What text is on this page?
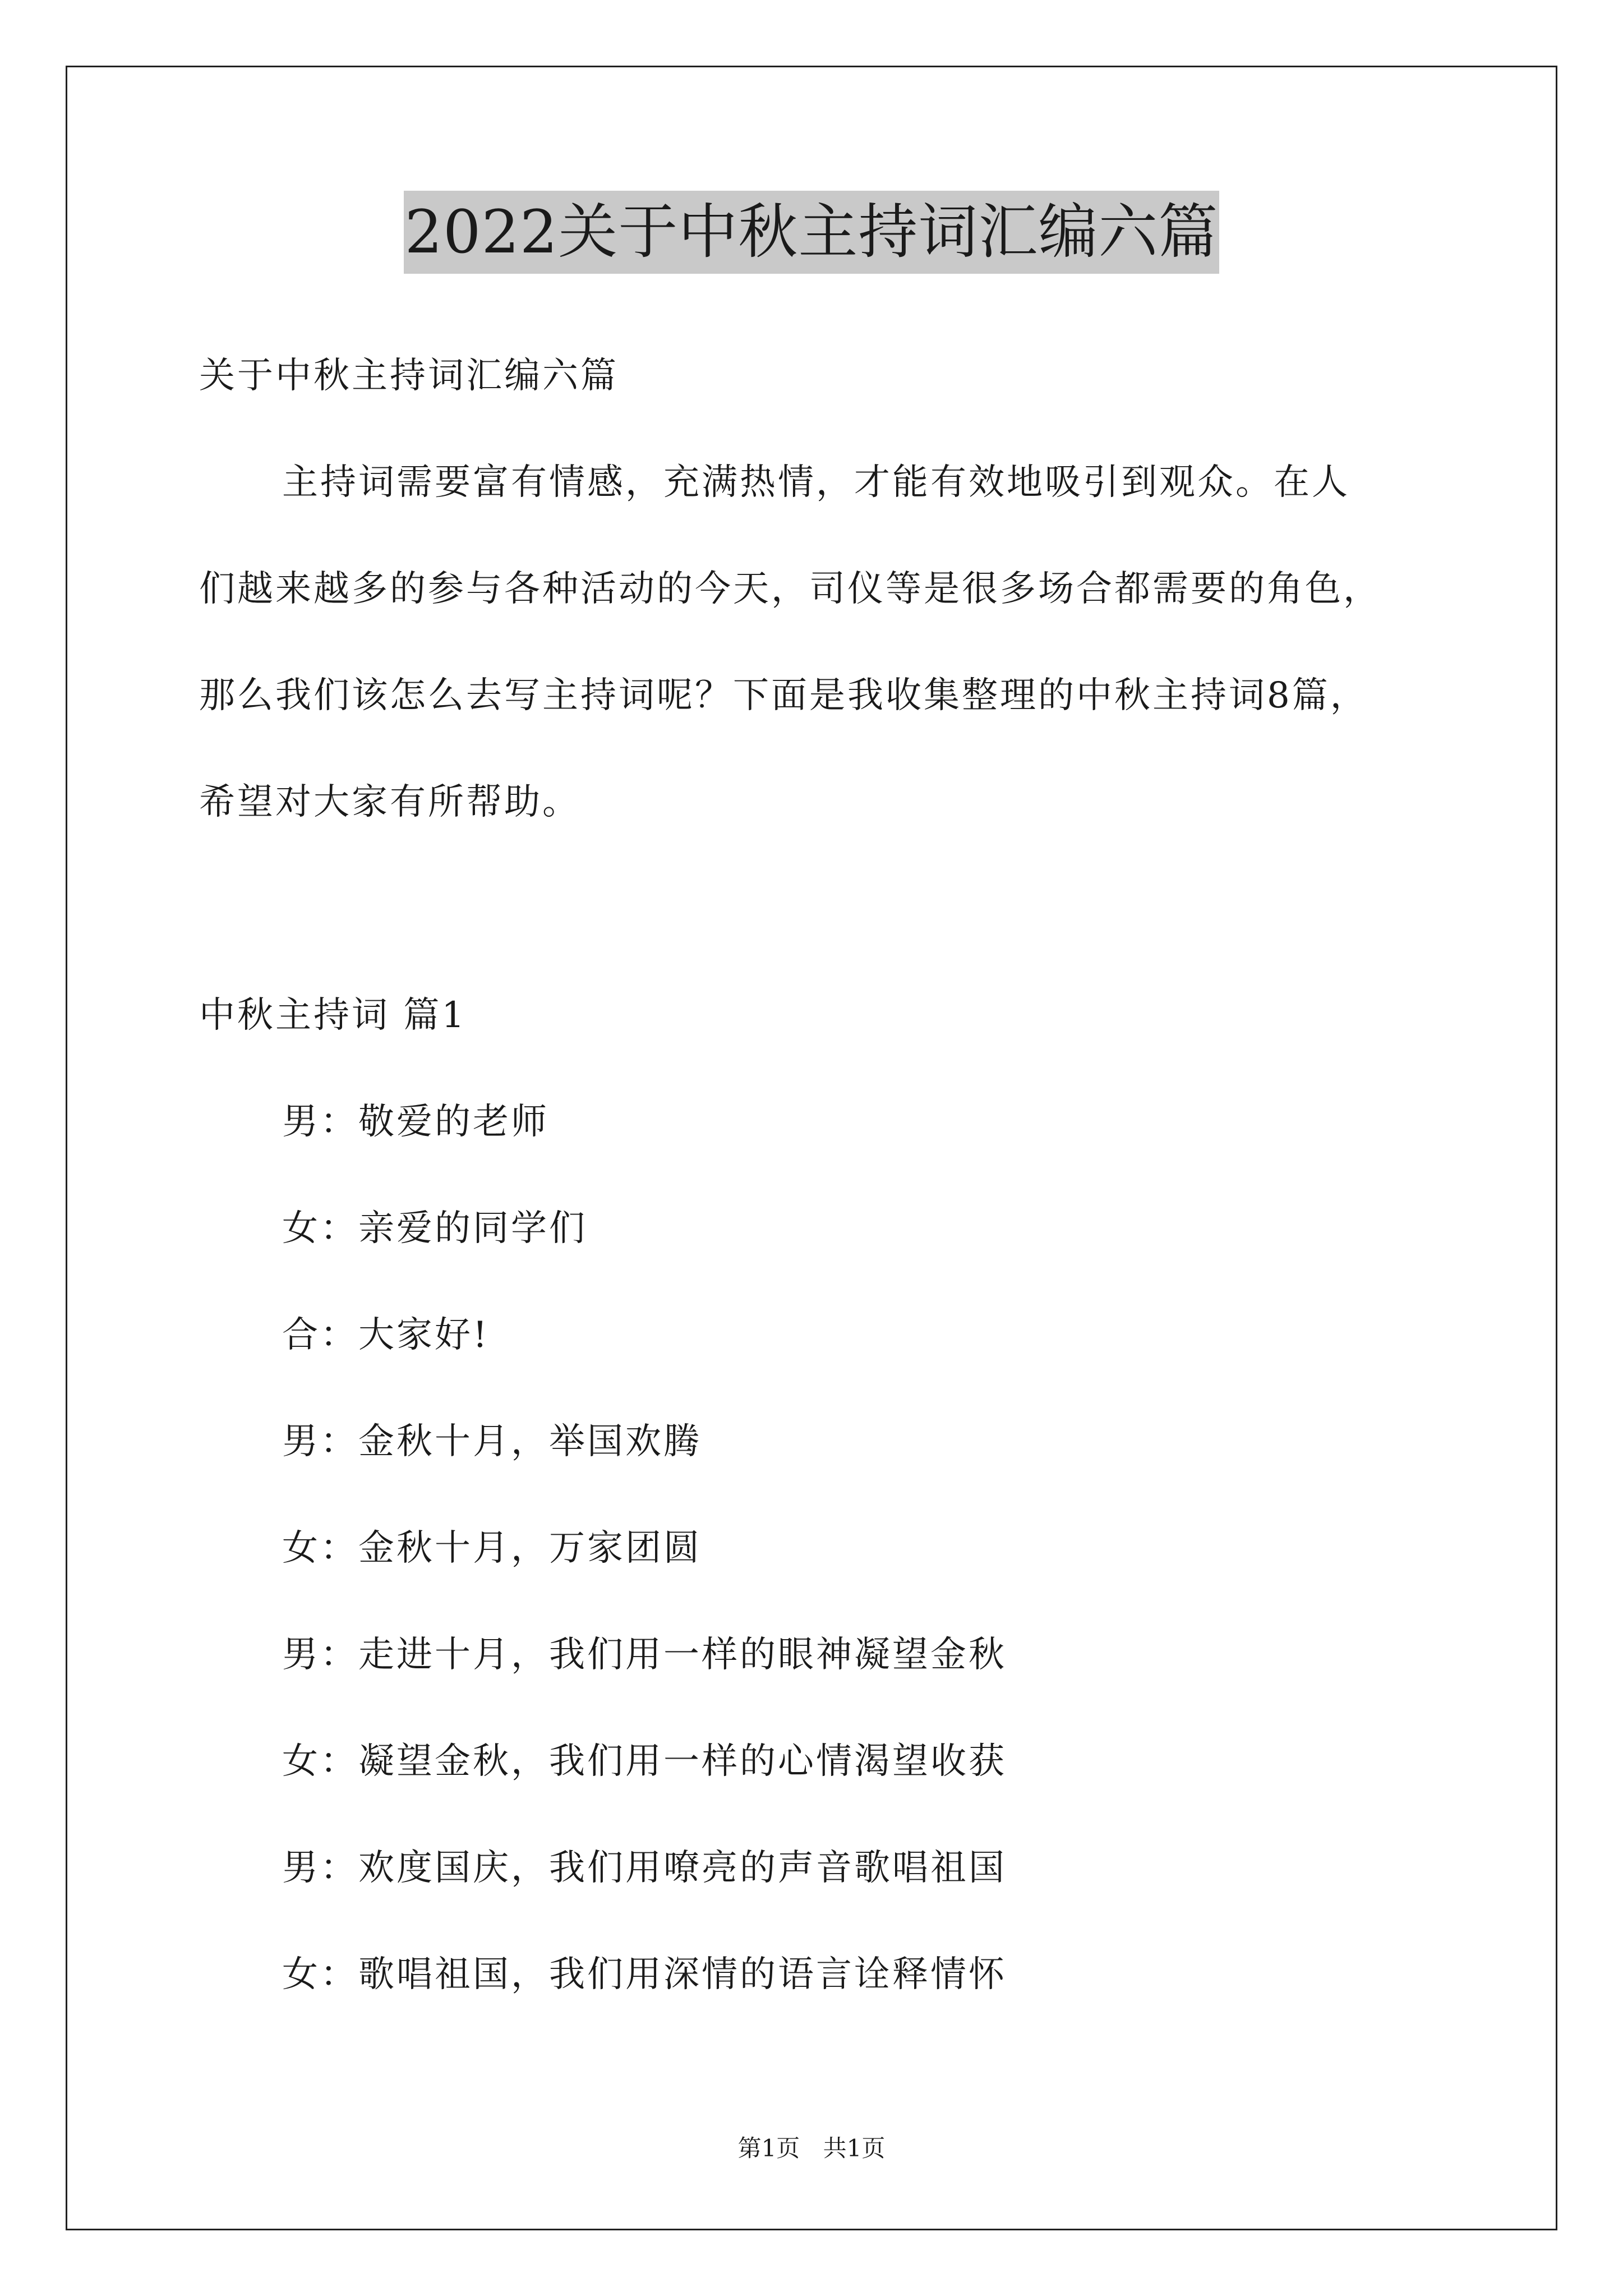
2022关于中秋主持词汇编六篇
关于中秋主持词汇编六篇
主持词需要富有情感，充满热情，才能有效地吸引到观众。在人
们越来越多的参与各种活动的今天，司仪等是很多场合都需要的角色，
那么我们该怎么去写主持词呢？下面是我收集整理的中秋主持词8篇，
希望对大家有所帮助。
中秋主持词 篇1
男：敬爱的老师
女：亲爱的同学们
合：大家好!
男：金秋十月，举国欢腾
女：金秋十月，万家团圆
男：走进十月，我们用一样的眼神凝望金秋
女：凝望金秋，我们用一样的心情渴望收获
男：欢度国庆，我们用嘹亮的声音歌唱祖国
女：歌唱祖国，我们用深情的语言诠释情怀
第1页 共1页
